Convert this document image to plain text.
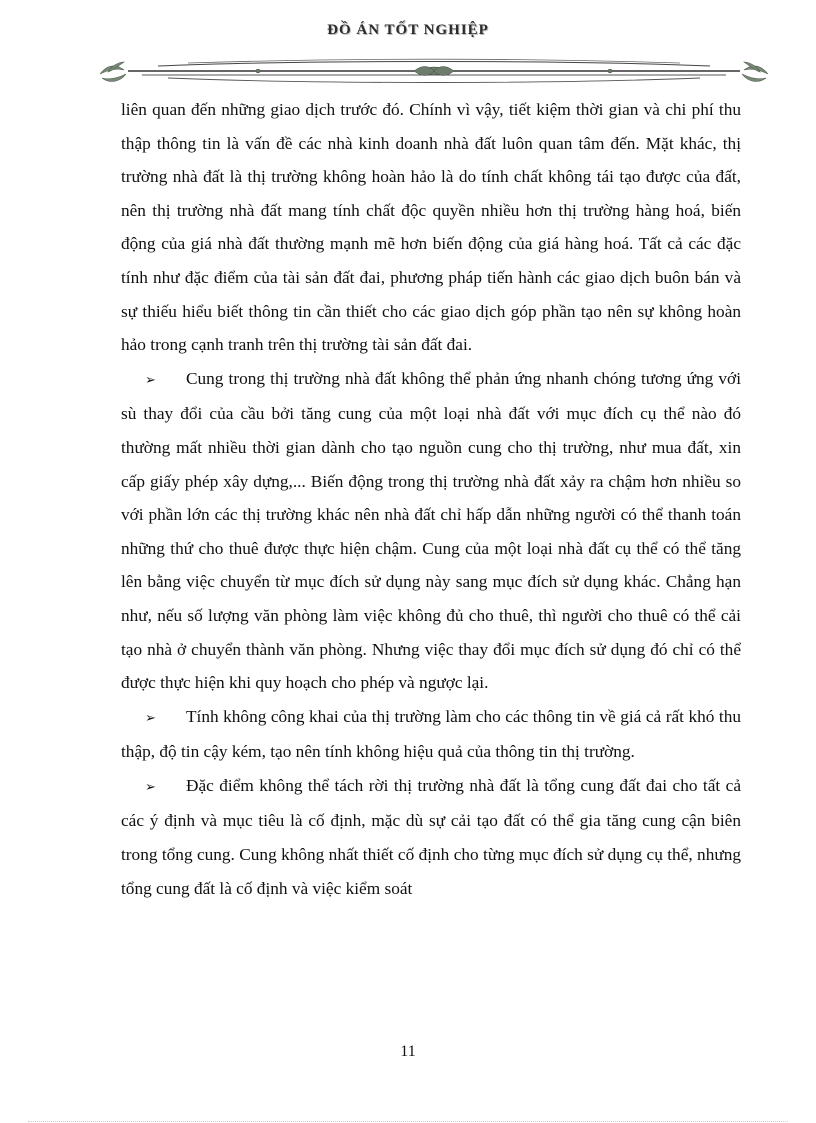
ĐỒ ÁN TỐT NGHIỆP

liên quan đến những giao dịch trước đó. Chính vì vậy, tiết kiệm thời gian và chi phí thu thập thông tin là vấn đề các nhà kinh doanh nhà đất luôn quan tâm đến. Mặt khác, thị trường nhà đất là thị trường không hoàn hảo là do tính chất không tái tạo được của đất, nên thị trường nhà đất mang tính chất độc quyền nhiều hơn thị trường hàng hoá, biến động của giá nhà đất thường mạnh mẽ hơn biến động của giá hàng hoá. Tất cả các đặc tính như đặc điểm của tài sản đất đai, phương pháp tiến hành các giao dịch buôn bán và sự thiếu hiểu biết thông tin cần thiết cho các giao dịch góp phần tạo nên sự không hoàn hảo trong cạnh tranh trên thị trường tài sản đất đai.

➢ Cung trong thị trường nhà đất không thể phản ứng nhanh chóng tương ứng với sù thay đổi của cầu bởi tăng cung của một loại nhà đất với mục đích cụ thể nào đó thường mất nhiều thời gian dành cho tạo nguồn cung cho thị trường, như mua đất, xin cấp giấy phép xây dựng,... Biến động trong thị trường nhà đất xảy ra chậm hơn nhiều so với phần lớn các thị trường khác nên nhà đất chỉ hấp dẫn những người có thể thanh toán những thứ cho thuê được thực hiện chậm. Cung của một loại nhà đất cụ thể có thể tăng lên bằng việc chuyển từ mục đích sử dụng này sang mục đích sử dụng khác. Chẳng hạn như, nếu số lượng văn phòng làm việc không đủ cho thuê, thì người cho thuê có thể cải tạo nhà ở chuyển thành văn phòng. Nhưng việc thay đổi mục đích sử dụng đó chỉ có thể được thực hiện khi quy hoạch cho phép và ngược lại.

➢ Tính không công khai của thị trường làm cho các thông tin về giá cả rất khó thu thập, độ tin cậy kém, tạo nên tính không hiệu quả của thông tin thị trường.

➢ Đặc điểm không thể tách rời thị trường nhà đất là tổng cung đất đai cho tất cả các ý định và mục tiêu là cố định, mặc dù sự cải tạo đất có thể gia tăng cung cận biên trong tổng cung. Cung không nhất thiết cố định cho từng mục đích sử dụng cụ thể, nhưng tổng cung đất là cố định và việc kiểm soát

11
